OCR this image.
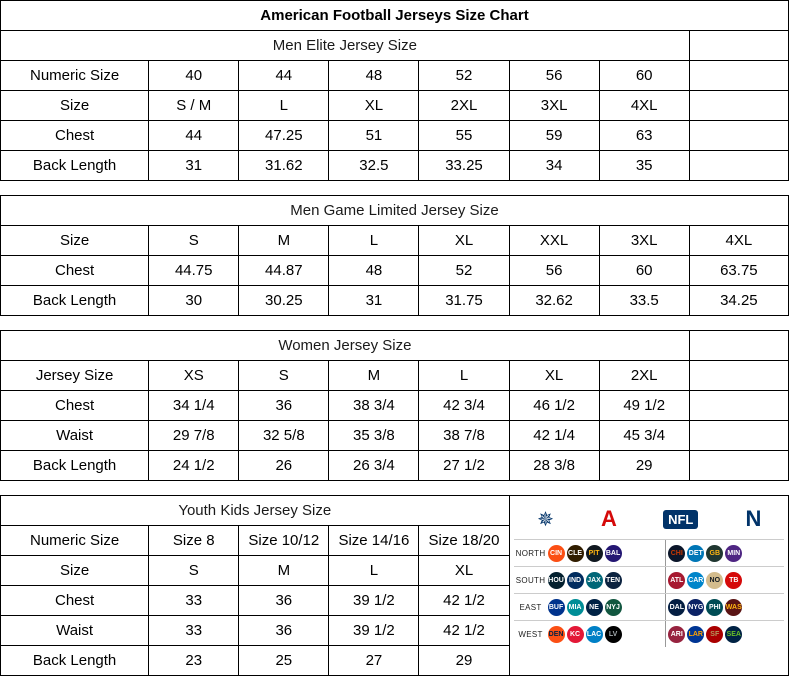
American Football Jerseys Size Chart							
Men Elite Jersey Size							
Numeric Size	40	44	48	52	56	60	
Size	S / M	L	XL	2XL	3XL	4XL	
Chest	44	47.25	51	55	59	63	
Back Length	31	31.62	32.5	33.25	34	35	

Men Game Limited Jersey Size							
Size	S	M	L	XL	XXL	3XL	4XL
Chest	44.75	44.87	48	52	56	60	63.75
Back Length	30	30.25	31	31.75	32.62	33.5	34.25

Women Jersey Size							
Jersey Size	XS	S	M	L	XL	2XL	
Chest	34 1/4	36	38 3/4	42 3/4	46 1/2	49 1/2	
Waist	29 7/8	32 5/8	35 3/8	38 7/8	42 1/4	45 3/4	
Back Length	24 1/2	26	26 3/4	27 1/2	28 3/8	29	

Youth Kids Jersey Size	✵ A	NFL N
NORTH CIN CLE PIT BAL	CHI DET GB	MIN
SOUTH HOU IND JAX TEN	ATL CAR NO	TB
EAST	BUF MIA	NE	NYJ	DAL NYG PHI WAS
WEST DEN KC LAC	LV	ARI LAR	SF	SEA

Numeric Size	Size 8	Size 10/12	Size 14/16	Size 18/20			
Size	S	M	L	XL			
Chest	33	36	39 1/2	42 1/2			
Waist	33	36	39 1/2	42 1/2			
Back Length	23	25	27	29			
